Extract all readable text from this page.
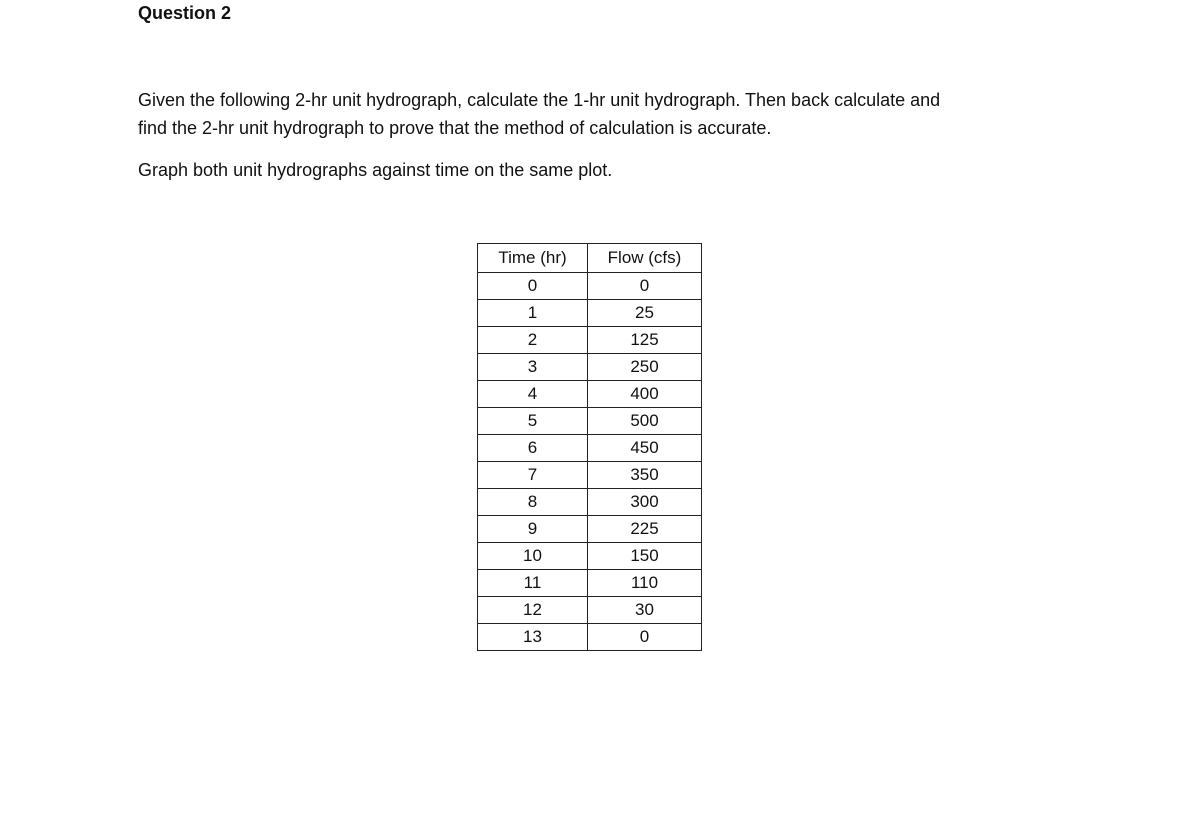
Question 2

Given the following 2-hr unit hydrograph, calculate the 1-hr unit hydrograph. Then back calculate and
find the 2-hr unit hydrograph to prove that the method of calculation is accurate.

Graph both unit hydrographs against time on the same plot.

Time (hr)	Flow (cfs)
0	0
1	25
2	125
3	250
4	400
5	500
6	450
7	350
8	300
9	225
10	150
11	110
12	30
13	0
